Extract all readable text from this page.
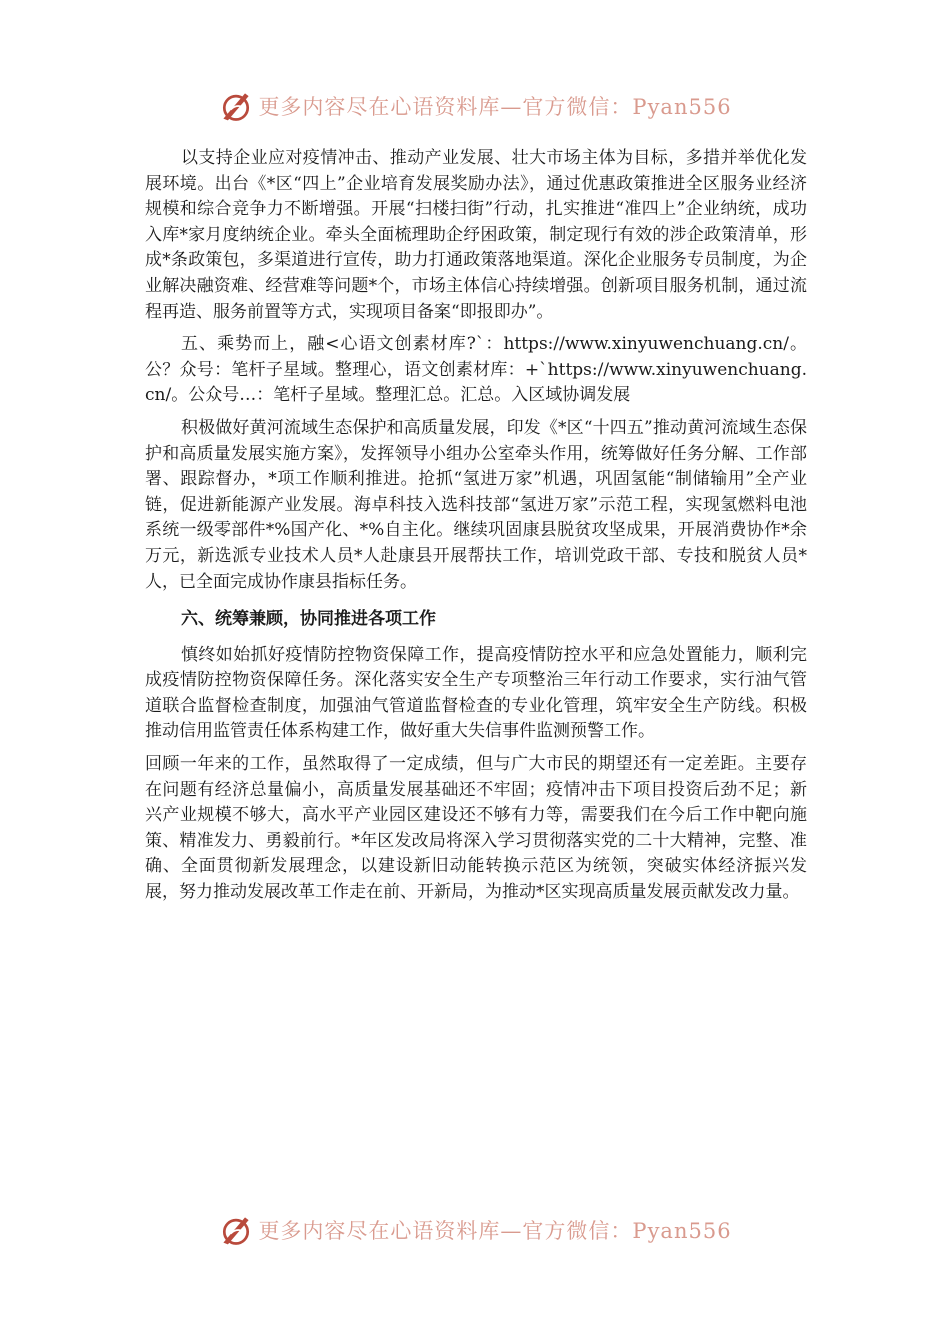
更多内容尽在心语资料库—官方微信：Pyan556

以支持企业应对疫情冲击、推动产业发展、壮大市场主体为目标，多措并举优化发展环境。出台《*区“四上”企业培育发展奖励办法》，通过优惠政策推进全区服务业经济规模和综合竞争力不断增强。开展“扫楼扫街”行动，扎实推进“准四上”企业纳统，成功入库*家月度纳统企业。牵头全面梳理助企纾困政策，制定现行有效的涉企政策清单，形成*条政策包，多渠道进行宣传，助力打通政策落地渠道。深化企业服务专员制度，为企业解决融资难、经营难等问题*个，市场主体信心持续增强。创新项目服务机制，通过流程再造、服务前置等方式，实现项目备案“即报即办”。

五、乘势而上，融<心语文创素材库?`：https://www.xinyuwenchuang.cn/。公？众号：笔杆子星域。整理心，语文创素材库：+`https://www.xinyuwenchuang.cn/。公众号…：笔杆子星域。整理汇总。汇总。入区域协调发展

积极做好黄河流域生态保护和高质量发展，印发《*区“十四五”推动黄河流域生态保护和高质量发展实施方案》，发挥领导小组办公室牵头作用，统筹做好任务分解、工作部署、跟踪督办，*项工作顺利推进。抢抓“氢进万家”机遇，巩固氢能“制储输用”全产业链，促进新能源产业发展。海卓科技入选科技部“氢进万家”示范工程，实现氢燃料电池系统一级零部件*%国产化、*%自主化。继续巩固康县脱贫攻坚成果，开展消费协作*余万元，新选派专业技术人员*人赴康县开展帮扶工作，培训党政干部、专技和脱贫人员*人，已全面完成协作康县指标任务。

六、统筹兼顾，协同推进各项工作

慎终如始抓好疫情防控物资保障工作，提高疫情防控水平和应急处置能力，顺利完成疫情防控物资保障任务。深化落实安全生产专项整治三年行动工作要求，实行油气管道联合监督检查制度，加强油气管道监督检查的专业化管理，筑牢安全生产防线。积极推动信用监管责任体系构建工作，做好重大失信事件监测预警工作。

回顾一年来的工作，虽然取得了一定成绩，但与广大市民的期望还有一定差距。主要存在问题有经济总量偏小，高质量发展基础还不牢固；疫情冲击下项目投资后劲不足；新兴产业规模不够大，高水平产业园区建设还不够有力等，需要我们在今后工作中靶向施策、精准发力、勇毅前行。*年区发改局将深入学习贯彻落实党的二十大精神，完整、准确、全面贯彻新发展理念，以建设新旧动能转换示范区为统领，突破实体经济振兴发展，努力推动发展改革工作走在前、开新局，为推动*区实现高质量发展贡献发改力量。

更多内容尽在心语资料库—官方微信：Pyan556
